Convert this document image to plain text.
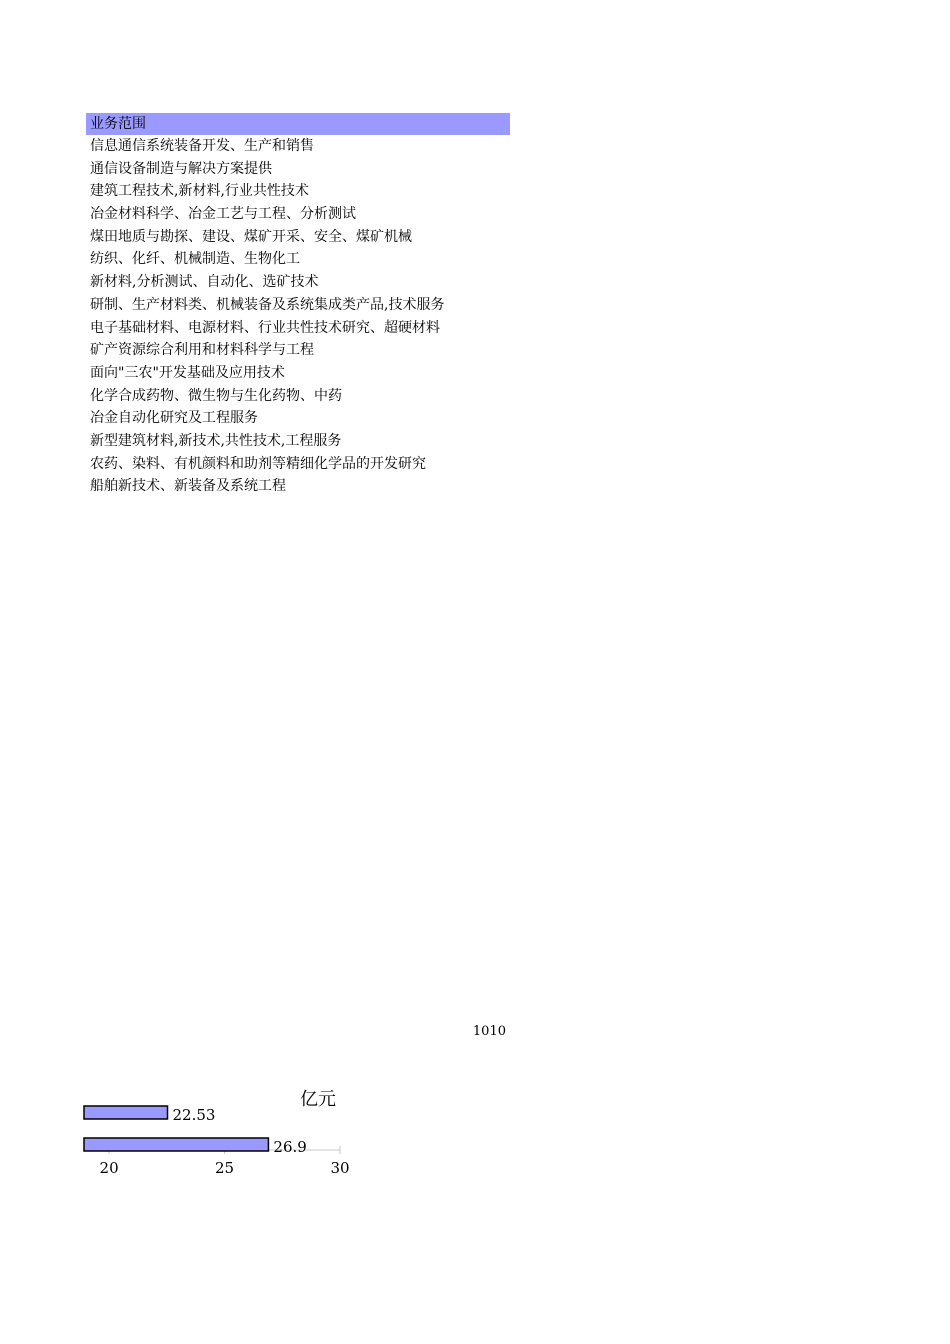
业务范围
信息通信系统装备开发、生产和销售
通信设备制造与解决方案提供
建筑工程技术,新材料,行业共性技术
冶金材料科学、冶金工艺与工程、分析测试
煤田地质与勘探、建设、煤矿开采、安全、煤矿机械
纺织、化纤、机械制造、生物化工
新材料,分析测试、自动化、选矿技术
研制、生产材料类、机械装备及系统集成类产品,技术服务
电子基础材料、电源材料、行业共性技术研究、超硬材料
矿产资源综合利用和材料科学与工程
面向"三农"开发基础及应用技术
化学合成药物、微生物与生化药物、中药
冶金自动化研究及工程服务
新型建筑材料,新技术,共性技术,工程服务
农药、染料、有机颜料和助剂等精细化学品的开发研究
船舶新技术、新装备及系统工程
1010
亿元
20	25	30
22.53
26.9
